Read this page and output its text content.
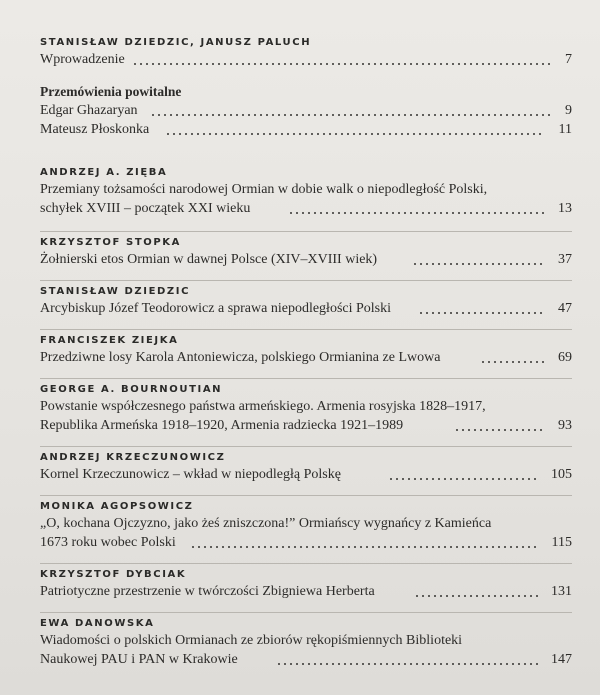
STANISŁAW DZIEDZIC, JANUSZ PALUCH
Wprowadzenie	7
Przemówienia powitalne
Edgar Ghazaryan	9
Mateusz Płoskonka	11
ANDRZEJ A. ZIĘBA
Przemiany tożsamości narodowej Ormian w dobie walk o niepodległość Polski,
schyłek XVIII – początek XXI wieku	13
KRZYSZTOF STOPKA
Żołnierski etos Ormian w dawnej Polsce (XIV–XVIII wiek)	37
STANISŁAW DZIEDZIC
Arcybiskup Józef Teodorowicz a sprawa niepodległości Polski	47
FRANCISZEK ZIEJKA
Przedziwne losy Karola Antoniewicza, polskiego Ormianina ze Lwowa	69
GEORGE A. BOURNOUTIAN
Powstanie współczesnego państwa armeńskiego. Armenia rosyjska 1828–1917,
Republika Armeńska 1918–1920, Armenia radziecka 1921–1989	93
ANDRZEJ KRZECZUNOWICZ
Kornel Krzeczunowicz – wkład w niepodległą Polskę	105
MONIKA AGOPSOWICZ
„O, kochana Ojczyzno, jako żeś zniszczona!” Ormiańscy wygnańcy z Kamieńca
1673 roku wobec Polski	115
KRZYSZTOF DYBCIAK
Patriotyczne przestrzenie w twórczości Zbigniewa Herberta	131
EWA DANOWSKA
Wiadomości o polskich Ormianach ze zbiorów rękopiśmiennych Biblioteki
Naukowej PAU i PAN w Krakowie	147
